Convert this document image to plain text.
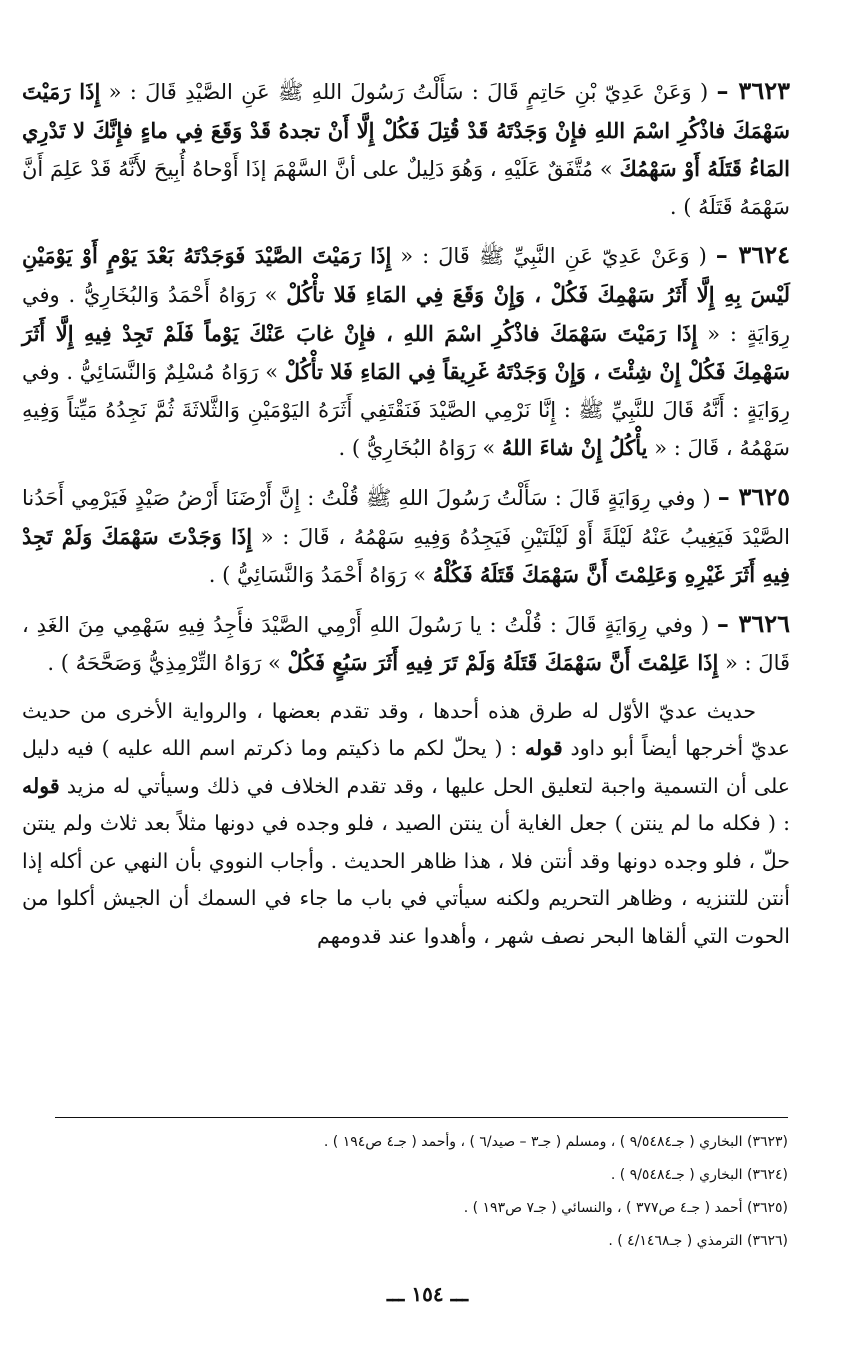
٣٦٢٣ – ( وَعَنْ عَدِيّ بْنِ حَاتِمٍ قَالَ : سَأَلْتُ رَسُولَ اللهِ ﷺ عَنِ الصَّيْدِ قَالَ : « إِذَا رَمَيْتَ سَهْمَكَ فاذْكُرِ اسْمَ اللهِ فإِنْ وَجَدْتَهُ قَدْ قُتِلَ فَكُلْ إِلَّا أَنْ تجدهُ قَدْ وَقَعَ فِي ماءٍ فإِنَّكَ لا تَدْرِي المَاءُ قَتَلَهُ أَوْ سَهْمُكَ » مُتَّفَقٌ عَلَيْهِ ، وَهُوَ دَلِيلٌ على أنَّ السَّهْمَ إذَا أَوْحاهُ أُبِيحَ لأَنَّهُ قَدْ عَلِمَ أَنَّ سَهْمَهُ قَتَلَهُ ) .

٣٦٢٤ – ( وَعَنْ عَدِيّ عَنِ النَّبِيِّ ﷺ قَالَ : « إِذَا رَمَيْتَ الصَّيْدَ فَوَجَدْتَهُ بَعْدَ يَوْمٍ أَوْ يَوْمَيْنِ لَيْسَ بِهِ إِلَّا أَثَرُ سَهْمِكَ فَكُلْ ، وَإِنْ وَقَعَ فِي المَاءِ فَلا تأْكُلْ » رَوَاهُ أَحْمَدُ وَالبُخَارِيُّ . وفي رِوَايَةٍ : « إِذَا رَمَيْتَ سَهْمَكَ فاذْكُرِ اسْمَ اللهِ ، فإِنْ غابَ عَنْكَ يَوْماً فَلَمْ تَجِدْ فِيهِ إِلَّا أَثَرَ سَهْمِكَ فَكُلْ إِنْ شِئْتَ ، وَإِنْ وَجَدْتَهُ غَرِيقاً فِي المَاءِ فَلا تأْكُلْ » رَوَاهُ مُسْلِمٌ وَالنَّسَائِيُّ . وفي رِوَايَةٍ : أَنَّهُ قَالَ للنَّبِيِّ ﷺ : إِنَّا نَرْمِي الصَّيْدَ فَنَقْتَفِي أَثَرَهُ اليَوْمَيْنِ وَالثَّلاثَةَ ثُمَّ نَجِدُهُ مَيِّتاً وَفِيهِ سَهْمُهُ ، قَالَ : « يأْكُلُ إِنْ شاءَ اللهُ » رَوَاهُ البُخَارِيُّ ) .

٣٦٢٥ – ( وفي رِوَايَةٍ قَالَ : سَأَلْتُ رَسُولَ اللهِ ﷺ قُلْتُ : إِنَّ أَرْضَنَا أَرْضُ صَيْدٍ فَيَرْمِي أَحَدُنا الصَّيْدَ فَيَغِيبُ عَنْهُ لَيْلَةً أَوْ لَيْلَتَيْنِ فَيَجِدُهُ وَفِيهِ سَهْمُهُ ، قَالَ : « إِذَا وَجَدْتَ سَهْمَكَ وَلَمْ تَجِدْ فِيهِ أَثَرَ غَيْرِهِ وَعَلِمْتَ أَنَّ سَهْمَكَ قَتَلَهُ فَكُلْهُ » رَوَاهُ أَحْمَدُ وَالنَّسَائِيُّ ) .

٣٦٢٦ – ( وفي رِوَايَةٍ قَالَ : قُلْتُ : يا رَسُولَ اللهِ أَرْمِي الصَّيْدَ فأَجِدُ فِيهِ سَهْمِي مِنَ الغَدِ ، قَالَ : « إِذَا عَلِمْتَ أَنَّ سَهْمَكَ قَتَلَهُ وَلَمْ تَرَ فِيهِ أَثَرَ سَبُعٍ فَكُلْ » رَوَاهُ التِّرْمِذِيُّ وَصَحَّحَهُ ) .

حديث عديّ الأوّل له طرق هذه أحدها ، وقد تقدم بعضها ، والرواية الأخرى من حديث عديّ أخرجها أيضاً أبو داود قوله : ( يحلّ لكم ما ذكيتم وما ذكرتم اسم الله عليه ) فيه دليل على أن التسمية واجبة لتعليق الحل عليها ، وقد تقدم الخلاف في ذلك وسيأتي له مزيد قوله : ( فكله ما لم ينتن ) جعل الغاية أن ينتن الصيد ، فلو وجده في دونها مثلاً بعد ثلاث ولم ينتن حلّ ، فلو وجده دونها وقد أنتن فلا ، هذا ظاهر الحديث . وأجاب النووي بأن النهي عن أكله إذا أنتن للتنزيه ، وظاهر التحريم ولكنه سيأتي في باب ما جاء في السمك أن الجيش أكلوا من الحوت التي ألقاها البحر نصف شهر ، وأهدوا عند قدومهم

(٣٦٢٣) البخاري ( جـ٩/٥٤٨٤ ) ، ومسلم ( جـ٣ – صيد/٦ ) ، وأحمد ( جـ٤ ص١٩٤ ) .
(٣٦٢٤) البخاري ( جـ٩/٥٤٨٤ ) .
(٣٦٢٥) أحمد ( جـ٤ ص٣٧٧ ) ، والنسائي ( جـ٧ ص١٩٣ ) .
(٣٦٢٦) الترمذي ( جـ٤/١٤٦٨ ) .
ـــ ١٥٤ ـــ
